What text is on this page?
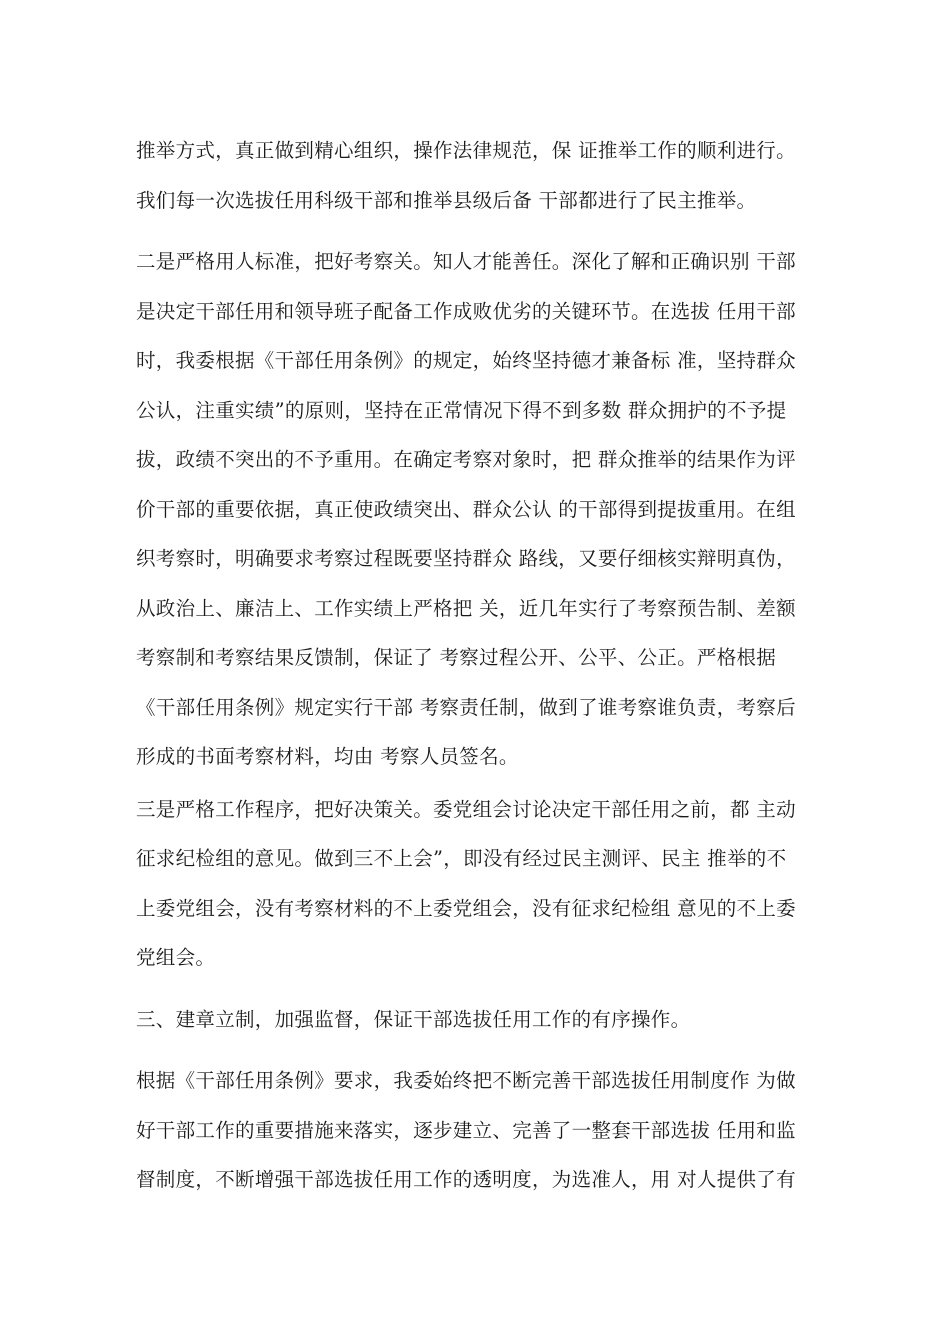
推举方式，真正做到精心组织，操作法律规范，保 证推举工作的顺利进行。
我们每一次选拔任用科级干部和推举县级后备 干部都进行了民主推举。
二是严格用人标准，把好考察关。知人才能善任。深化了解和正确识别 干部
是决定干部任用和领导班子配备工作成败优劣的关键环节。在选拔 任用干部
时，我委根据《干部任用条例》的规定，始终坚持德才兼备标 准，坚持群众
公认，注重实绩”的原则，坚持在正常情况下得不到多数 群众拥护的不予提
拔，政绩不突出的不予重用。在确定考察对象时，把 群众推举的结果作为评
价干部的重要依据，真正使政绩突出、群众公认 的干部得到提拔重用。在组
织考察时，明确要求考察过程既要坚持群众 路线，又要仔细核实辩明真伪，
从政治上、廉洁上、工作实绩上严格把 关，近几年实行了考察预告制、差额
考察制和考察结果反馈制，保证了 考察过程公开、公平、公正。严格根据
《干部任用条例》规定实行干部 考察责任制，做到了谁考察谁负责，考察后
形成的书面考察材料，均由 考察人员签名。
三是严格工作程序，把好决策关。委党组会讨论决定干部任用之前，都 主动
征求纪检组的意见。做到三不上会”，即没有经过民主测评、民主 推举的不
上委党组会，没有考察材料的不上委党组会，没有征求纪检组 意见的不上委
党组会。
三、建章立制，加强监督，保证干部选拔任用工作的有序操作。
根据《干部任用条例》要求，我委始终把不断完善干部选拔任用制度作 为做
好干部工作的重要措施来落实，逐步建立、完善了一整套干部选拔 任用和监
督制度，不断增强干部选拔任用工作的透明度，为选准人，用 对人提供了有
